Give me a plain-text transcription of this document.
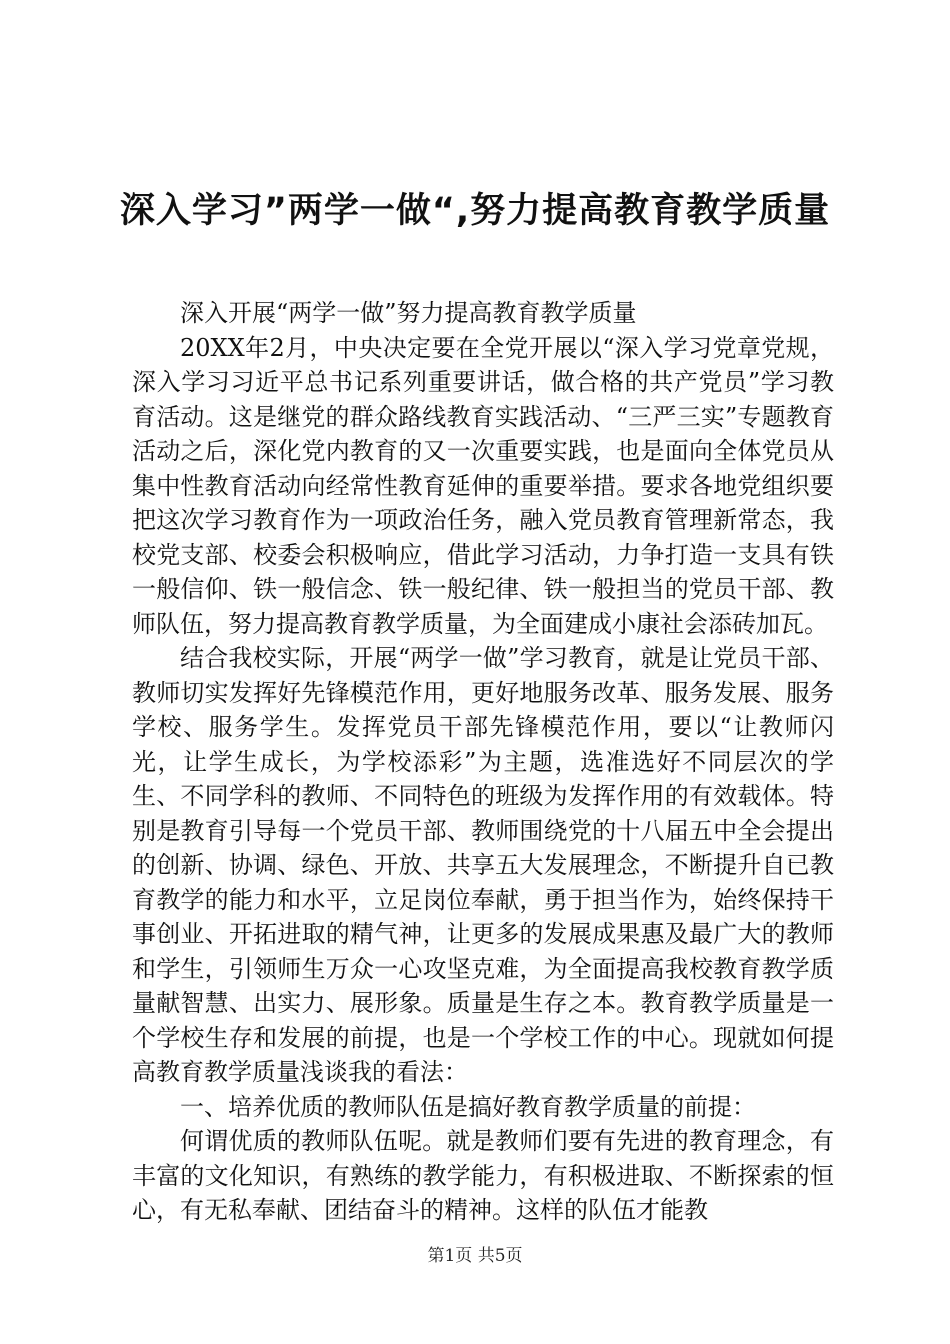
深入学习”两学一做“,努力提高教育教学质量

深入开展“两学一做”努力提高教育教学质量

20XX年2月，中央决定要在全党开展以“深入学习党章党规，深入学习习近平总书记系列重要讲话，做合格的共产党员”学习教育活动。这是继党的群众路线教育实践活动、“三严三实”专题教育活动之后，深化党内教育的又一次重要实践，也是面向全体党员从集中性教育活动向经常性教育延伸的重要举措。要求各地党组织要把这次学习教育作为一项政治任务，融入党员教育管理新常态，我校党支部、校委会积极响应，借此学习活动，力争打造一支具有铁一般信仰、铁一般信念、铁一般纪律、铁一般担当的党员干部、教师队伍，努力提高教育教学质量，为全面建成小康社会添砖加瓦。

结合我校实际，开展“两学一做”学习教育，就是让党员干部、教师切实发挥好先锋模范作用，更好地服务改革、服务发展、服务学校、服务学生。发挥党员干部先锋模范作用，要以“让教师闪光，让学生成长，为学校添彩”为主题，选准选好不同层次的学生、不同学科的教师、不同特色的班级为发挥作用的有效载体。特别是教育引导每一个党员干部、教师围绕党的十八届五中全会提出的创新、协调、绿色、开放、共享五大发展理念，不断提升自已教育教学的能力和水平，立足岗位奉献，勇于担当作为，始终保持干事创业、开拓进取的精气神，让更多的发展成果惠及最广大的教师和学生，引领师生万众一心攻坚克难，为全面提高我校教育教学质量献智慧、出实力、展形象。质量是生存之本。教育教学质量是一个学校生存和发展的前提，也是一个学校工作的中心。现就如何提高教育教学质量浅谈我的看法：

一、培养优质的教师队伍是搞好教育教学质量的前提：

何谓优质的教师队伍呢。就是教师们要有先进的教育理念，有丰富的文化知识，有熟练的教学能力，有积极进取、不断探索的恒心，有无私奉献、团结奋斗的精神。这样的队伍才能教

第1页 共5页
